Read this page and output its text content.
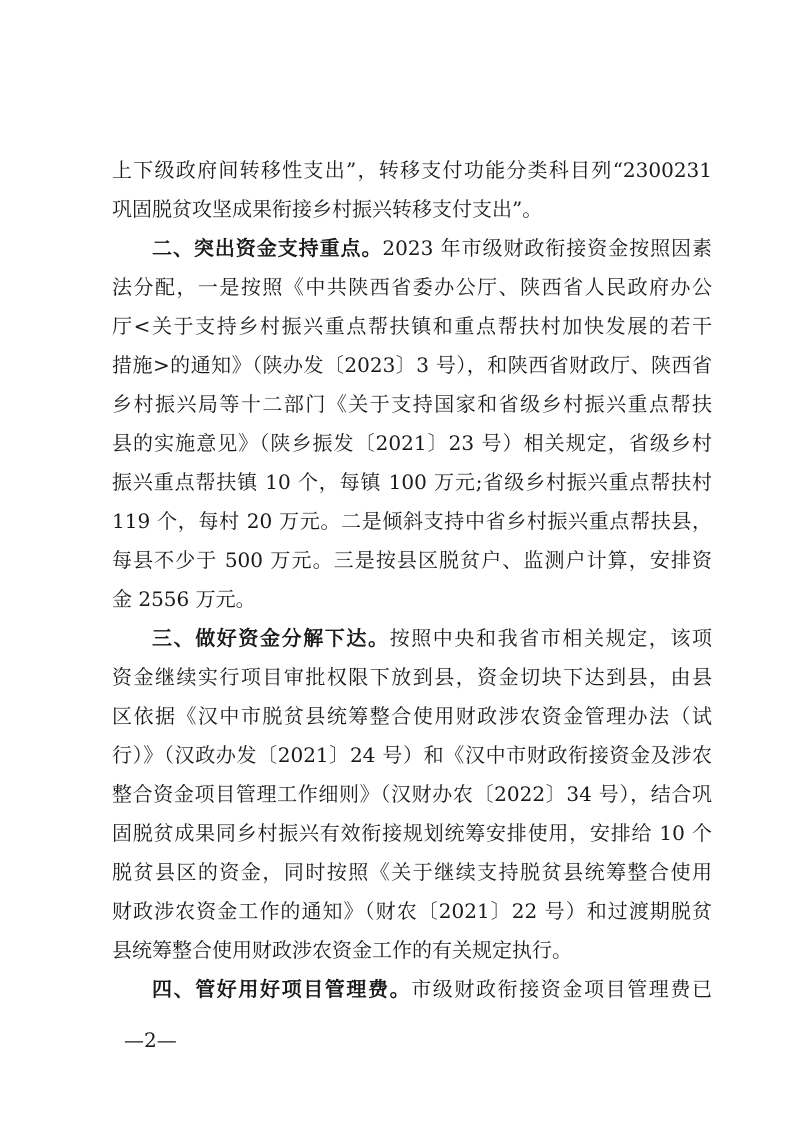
上下级政府间转移性支出”，转移支付功能分类科目列“2300231
巩固脱贫攻坚成果衔接乡村振兴转移支付支出”。
二、突出资金支持重点。2023 年市级财政衔接资金按照因素
法分配，一是按照《中共陕西省委办公厅、陕西省人民政府办公
厅<关于支持乡村振兴重点帮扶镇和重点帮扶村加快发展的若干
措施>的通知》（陕办发〔2023〕3 号），和陕西省财政厅、陕西省
乡村振兴局等十二部门《关于支持国家和省级乡村振兴重点帮扶
县的实施意见》（陕乡振发〔2021〕23 号）相关规定，省级乡村
振兴重点帮扶镇 10 个，每镇 100 万元;省级乡村振兴重点帮扶村
119 个，每村 20 万元。二是倾斜支持中省乡村振兴重点帮扶县，
每县不少于 500 万元。三是按县区脱贫户、监测户计算，安排资
金 2556 万元。
三、做好资金分解下达。按照中央和我省市相关规定，该项
资金继续实行项目审批权限下放到县，资金切块下达到县，由县
区依据《汉中市脱贫县统筹整合使用财政涉农资金管理办法（试
行）》（汉政办发〔2021〕24 号）和《汉中市财政衔接资金及涉农
整合资金项目管理工作细则》（汉财办农〔2022〕34 号），结合巩
固脱贫成果同乡村振兴有效衔接规划统筹安排使用，安排给 10 个
脱贫县区的资金，同时按照《关于继续支持脱贫县统筹整合使用
财政涉农资金工作的通知》（财农〔2021〕22 号）和过渡期脱贫
县统筹整合使用财政涉农资金工作的有关规定执行。
四、管好用好项目管理费。市级财政衔接资金项目管理费已
—2—
